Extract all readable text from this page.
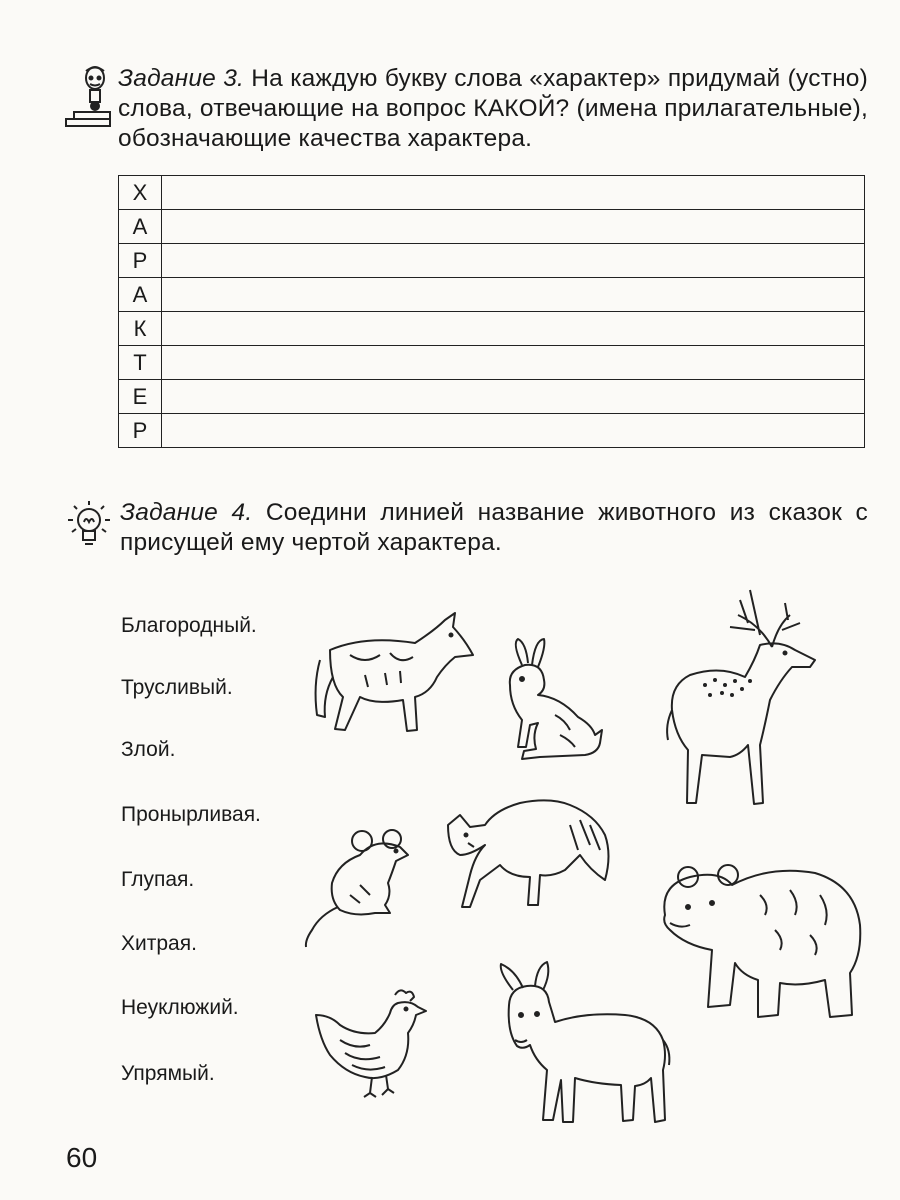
Задание 3. На каждую букву слова «характер» придумай (устно) слова, отвечающие на вопрос КАКОЙ? (имена прилагательные), обозначающие качества характера.
Х	
А	
Р	
А	
К	
Т	
Е	
Р	
Задание 4. Соедини линией название животного из сказок с присущей ему чертой характера.
Благородный.
Трусливый.
Злой.
Пронырливая.
Глупая.
Хитрая.
Неуклюжий.
Упрямый.
60
